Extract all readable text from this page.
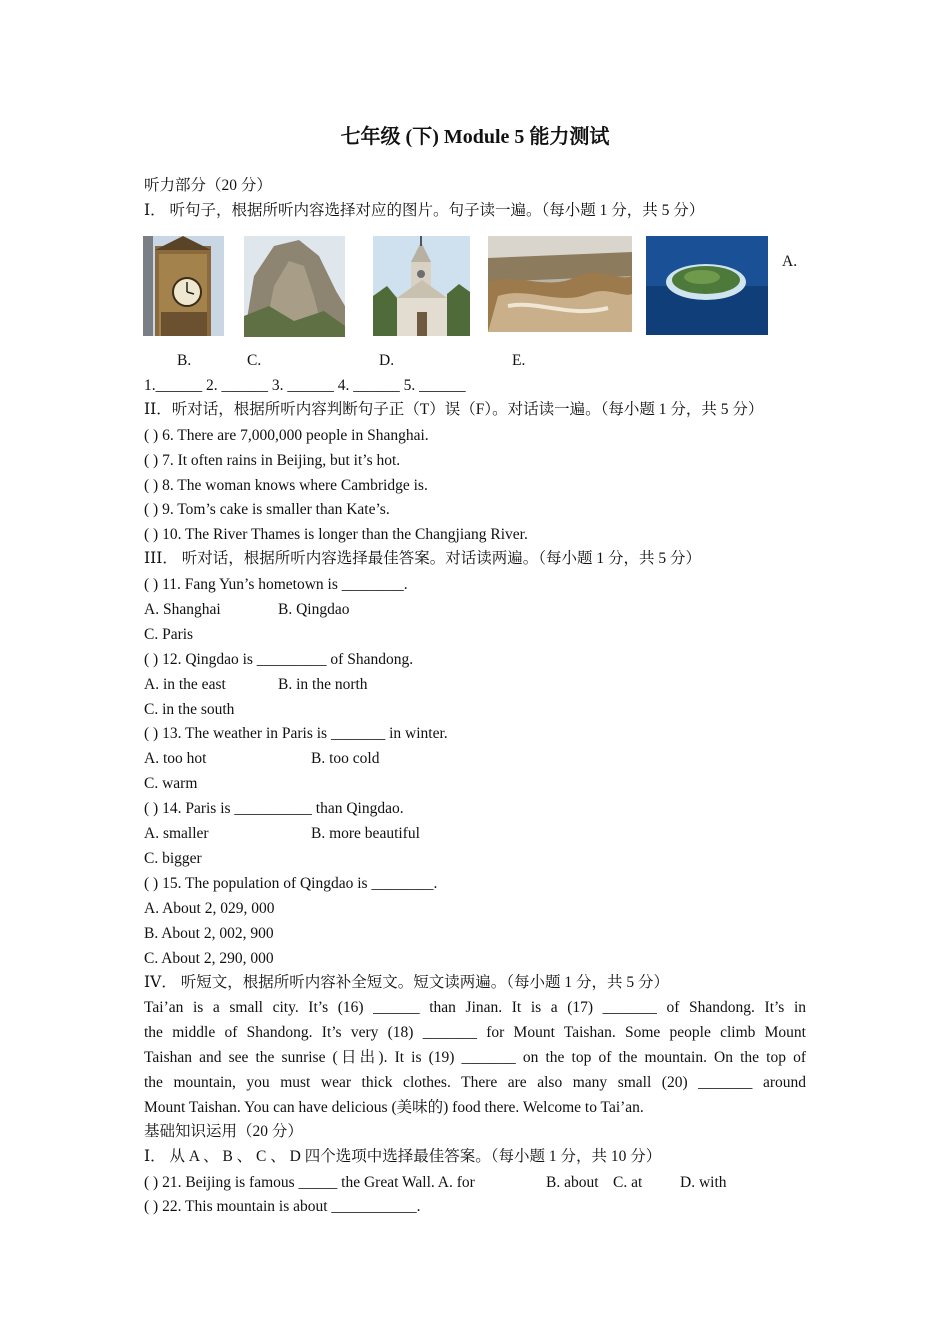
七年级 (下) Module 5 能力测试
听力部分（20 分）
Ⅰ． 听句子，根据所听内容选择对应的图片。句子读一遍。（每小题 1 分，共 5 分）
A.
B.	C.	D.	E.
1.______ 2. ______ 3. ______ 4. ______ 5. ______
ⅠⅠ．听对话，根据所听内容判断句子正（T）误（F）。对话读一遍。（每小题 1 分，共 5 分）
( ) 6. There are 7,000,000 people in Shanghai.
( ) 7. It often rains in Beijing, but it’s hot.
( ) 8. The woman knows where Cambridge is.
( ) 9. Tom’s cake is smaller than Kate’s.
( ) 10. The River Thames is longer than the Changjiang River.
ⅠⅠⅠ． 听对话，根据所听内容选择最佳答案。对话读两遍。（每小题 1 分，共 5 分）
( ) 11. Fang Yun’s hometown is ________.
A. Shanghai	B. Qingdao
C. Paris
( ) 12. Qingdao is _________ of Shandong.
A. in the east	B. in the north
C. in the south
( ) 13. The weather in Paris is _______ in winter.
A. too hot	B. too cold
C. warm
( ) 14. Paris is __________ than Qingdao.
A. smaller	B. more beautiful
C. bigger
( ) 15. The population of Qingdao is ________.
A. About 2, 029, 000
B. About 2, 002, 900
C. About 2, 290, 000
ⅠⅤ． 听短文，根据所听内容补全短文。短文读两遍。（每小题 1 分，共 5 分）
Tai’an is a small city. It’s (16) ______ than Jinan. It is a (17) _______ of Shandong. It’s in
the middle of Shandong. It’s very (18) _______ for Mount Taishan. Some people climb Mount
Taishan and see the sunrise (日出). It is (19) _______ on the top of the mountain. On the top of
the mountain, you must wear thick clothes. There are also many small (20) _______ around
Mount Taishan. You can have delicious (美味的) food there. Welcome to Tai’an.
基础知识运用（20 分）
Ⅰ． 从 A 、 B 、 C 、 D 四个选项中选择最佳答案。（每小题 1 分，共 10 分）
( ) 21. Beijing is famous _____ the Great Wall. A. for	B. about C. at D. with
( ) 22. This mountain is about ___________.
